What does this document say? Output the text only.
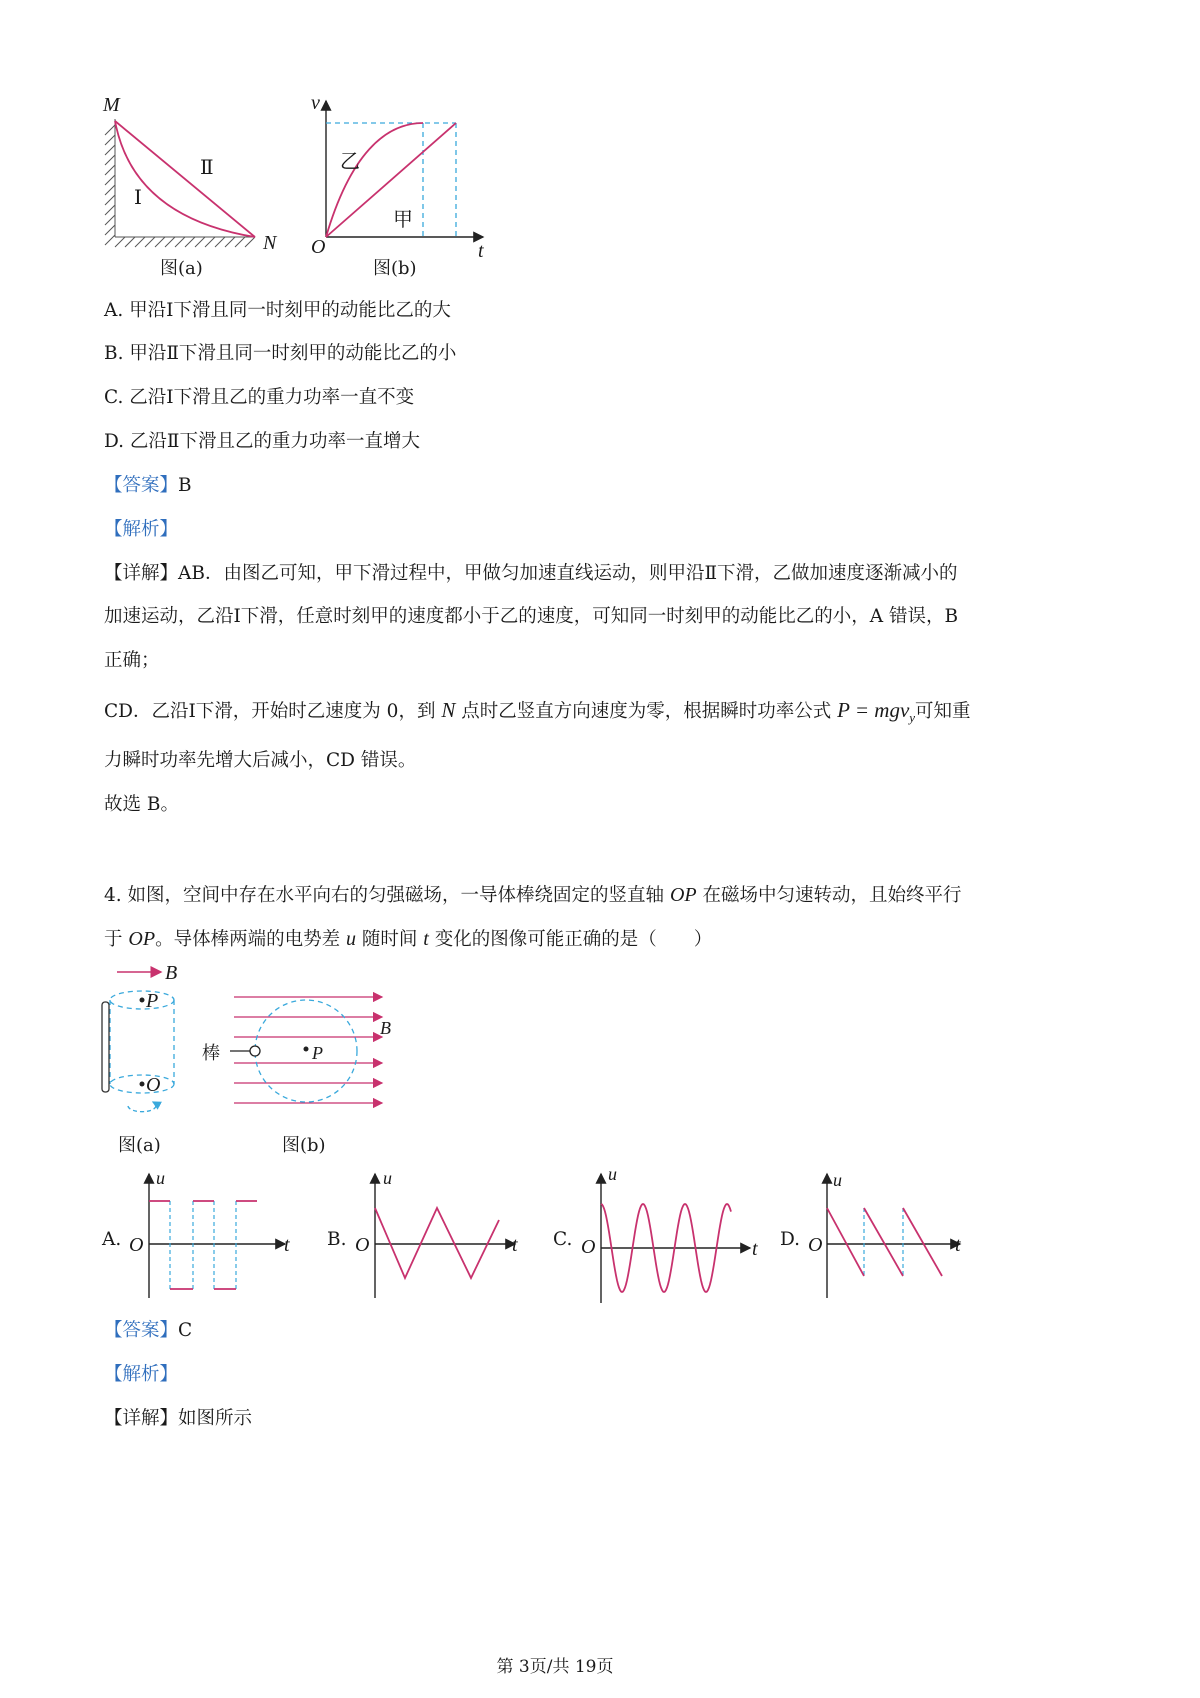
M
N
Ⅰ
Ⅱ
图(a)
v
t
O
乙
甲
图(b)
A. 甲沿Ⅰ下滑且同一时刻甲的动能比乙的大
B. 甲沿Ⅱ下滑且同一时刻甲的动能比乙的小
C. 乙沿Ⅰ下滑且乙的重力功率一直不变
D. 乙沿Ⅱ下滑且乙的重力功率一直增大
【答案】B
【解析】
【详解】AB．由图乙可知，甲下滑过程中，甲做匀加速直线运动，则甲沿Ⅱ下滑，乙做加速度逐渐减小的
加速运动，乙沿Ⅰ下滑，任意时刻甲的速度都小于乙的速度，可知同一时刻甲的动能比乙的小，A 错误，B
正确；
CD．乙沿Ⅰ下滑，开始时乙速度为 0，到 N 点时乙竖直方向速度为零，根据瞬时功率公式 P = mgv$_y$可知重
力瞬时功率先增大后减小，CD 错误。
故选 B。
4. 如图，空间中存在水平向右的匀强磁场，一导体棒绕固定的竖直轴 OP 在磁场中匀速转动，且始终平行
于 OP。导体棒两端的电势差 u 随时间 t 变化的图像可能正确的是（　　）
B
P
O
图(a)
棒	P
B
图(b)
A.
u
O	t B.
u
O	t C.
u
O	t D.
u
O	t
【答案】C
【解析】
【详解】如图所示
第 3页/共 19页
